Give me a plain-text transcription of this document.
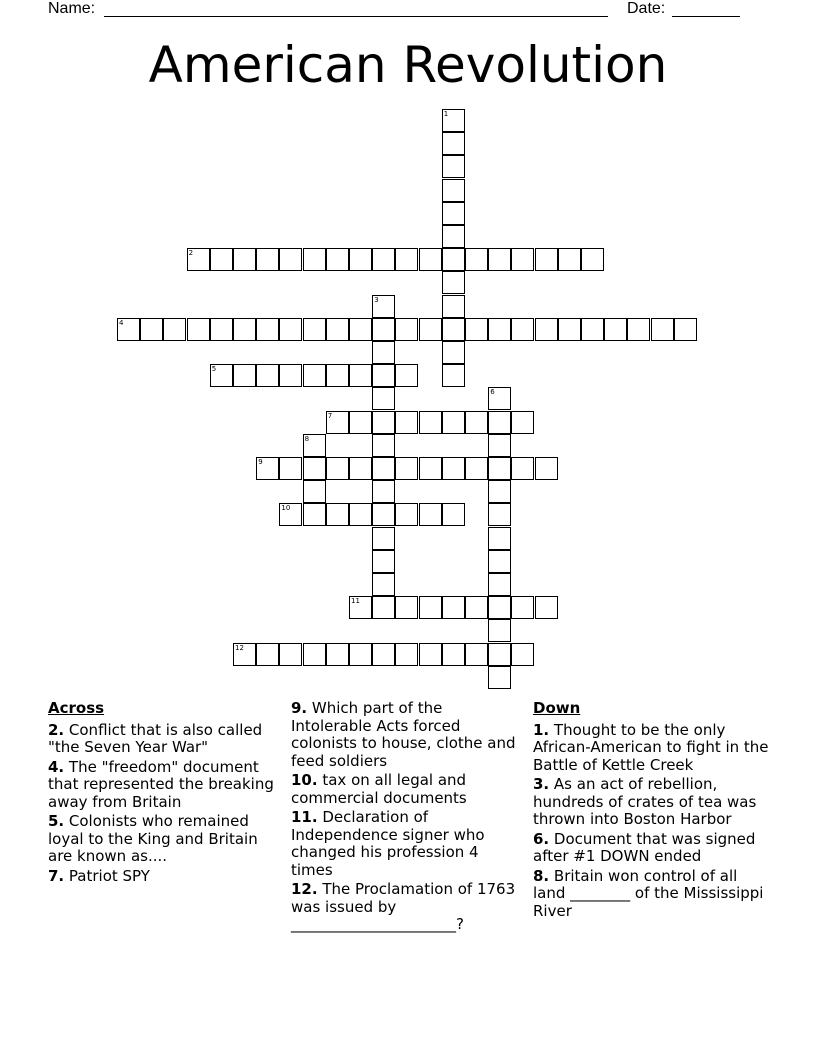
Name:	Date:
American Revolution
1
2
3
4
5
6
7
8
9
10
11
12
Across
2. Conflict that is also called "the Seven Year War"
4. The "freedom" document that represented the breaking away from Britain
5. Colonists who remained loyal to the King and Britain are known as....
7. Patriot SPY
9. Which part of the Intolerable Acts forced colonists to house, clothe and feed soldiers
10. tax on all legal and commercial documents
11. Declaration of Independence signer who changed his profession 4 times
12. The Proclamation of 1763 was issued by ______________________?
Down
1. Thought to be the only African-American to fight in the Battle of Kettle Creek
3. As an act of rebellion, hundreds of crates of tea was thrown into Boston Harbor
6. Document that was signed after #1 DOWN ended
8. Britain won control of all land ________ of the Mississippi River
